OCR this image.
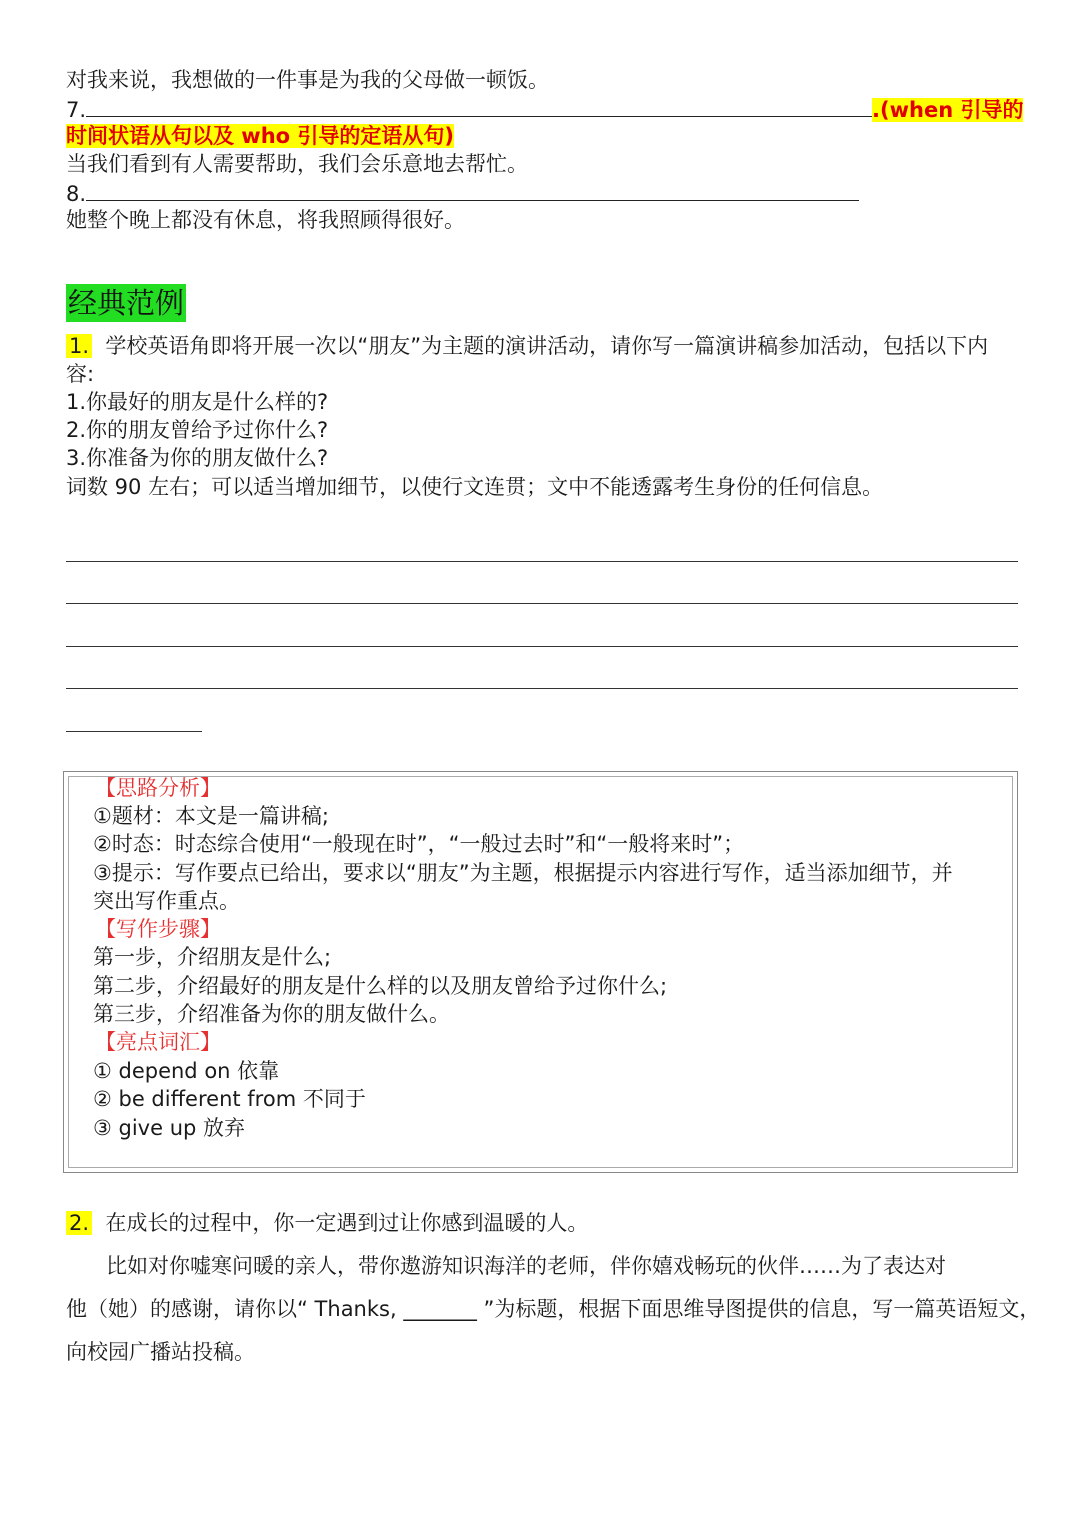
对我来说，我想做的一件事是为我的父母做一顿饭。
7.	.(when 引导的
时间状语从句以及 who 引导的定语从句)
当我们看到有人需要帮助，我们会乐意地去帮忙。
8.
她整个晚上都没有休息，将我照顾得很好。
经典范例
1. 学校英语角即将开展一次以“朋友”为主题的演讲活动，请你写一篇演讲稿参加活动，包括以下内
容:
1.你最好的朋友是什么样的?
2.你的朋友曾给予过你什么?
3.你准备为你的朋友做什么?
词数 90 左右；可以适当增加细节，以使行文连贯；文中不能透露考生身份的任何信息。
【思路分析】
①题材：本文是一篇讲稿;
②时态：时态综合使用“一般现在时”，“一般过去时”和“一般将来时”；
③提示：写作要点已给出，要求以“朋友”为主题，根据提示内容进行写作，适当添加细节，并
突出写作重点。
【写作步骤】
第一步，介绍朋友是什么;
第二步，介绍最好的朋友是什么样的以及朋友曾给予过你什么;
第三步，介绍准备为你的朋友做什么。
【亮点词汇】
① depend on 依靠
② be different from 不同于
③ give up 放弃
2. 在成长的过程中，你一定遇到过让你感到温暖的人。
比如对你嘘寒问暖的亲人，带你遨游知识海洋的老师，伴你嬉戏畅玩的伙伴……为了表达对
他（她）的感谢，请你以“ Thanks, _______ ”为标题，根据下面思维导图提供的信息，写一篇英语短文，
向校园广播站投稿。
